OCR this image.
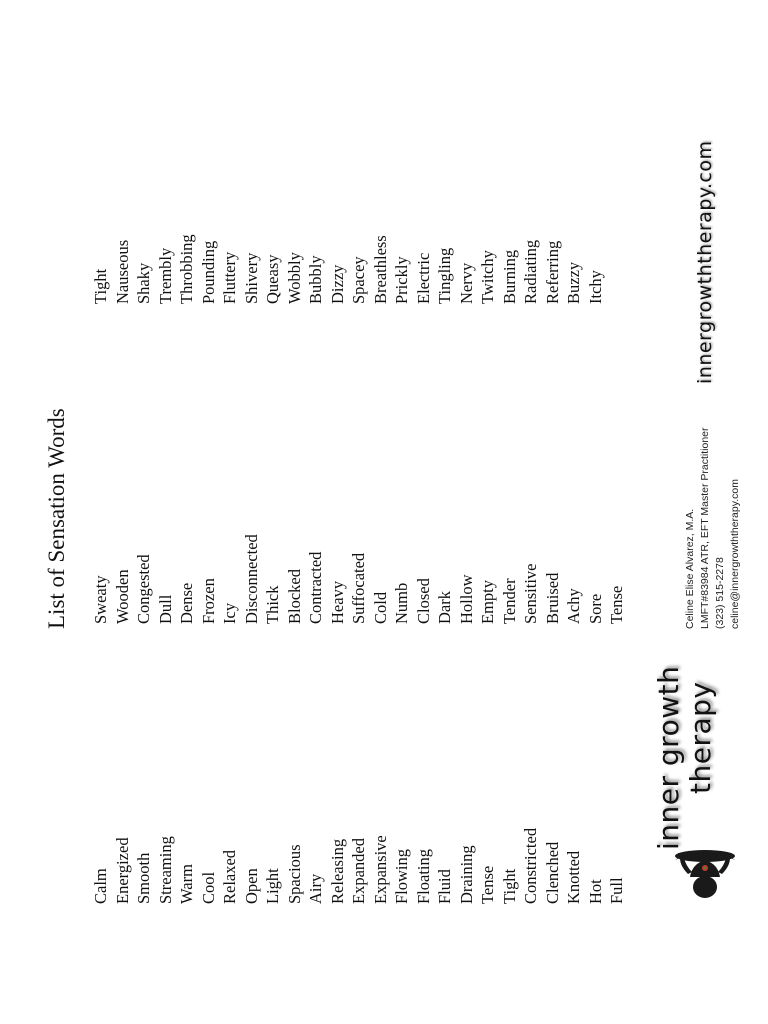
List of Sensation Words
Calm Energized Smooth Streaming Warm Cool Relaxed Open Light Spacious Airy Releasing Expanded Expansive Flowing Floating Fluid Draining Tense Tight Constricted Clenched Knotted Hot Full
Sweaty Wooden Congested Dull Dense Frozen Icy Disconnected Thick Blocked Contracted Heavy Suffocated Cold Numb Closed Dark Hollow Empty Tender Sensitive Bruised Achy Sore Tense
Tight Nauseous Shaky Trembly Throbbing Pounding Fluttery Shivery Queasy Wobbly Bubbly Dizzy Spacey Breathless Prickly Electric Tingling Nervy Twitchy Burning Radiating Referring Buzzy Itchy
inner growth therapy
Celine Elise Alvarez, M.A. LMFT#83984 ATR, EFT Master Practitioner (323) 515-2278 celine@innergrowththerapy.com
innergrowththerapy.com
